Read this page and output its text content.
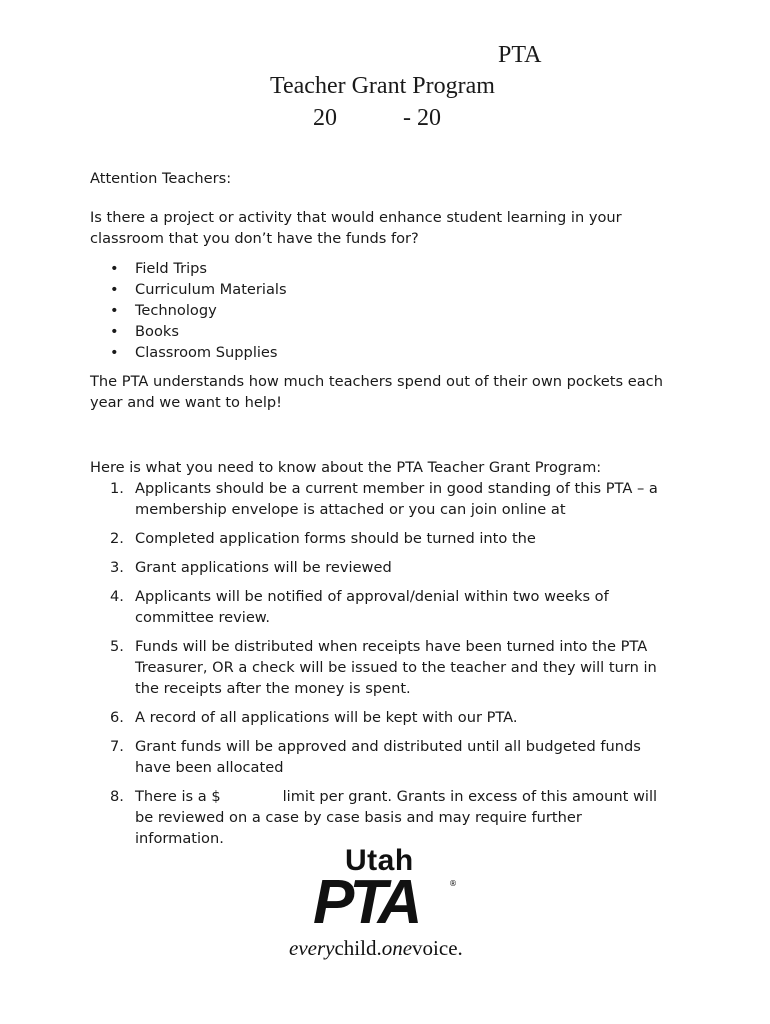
PTA
Teacher Grant Program
20	- 20
Attention Teachers:
Is there a project or activity that would enhance student learning in your classroom that you don’t have the funds for?
• Field Trips
• Curriculum Materials
• Technology
• Books
• Classroom Supplies
The PTA understands how much teachers spend out of their own pockets each year and we want to help!
Here is what you need to know about the PTA Teacher Grant Program:
1. Applicants should be a current member in good standing of this PTA – a membership envelope is attached or you can join online at
2. Completed application forms should be turned into the
3. Grant applications will be reviewed
4. Applicants will be notified of approval/denial within two weeks of committee review.
5. Funds will be distributed when receipts have been turned into the PTA Treasurer, OR a check will be issued to the teacher and they will turn in the receipts after the money is spent.
6. A record of all applications will be kept with our PTA.
7. Grant funds will be approved and distributed until all budgeted funds have been allocated
8. There is a $	limit per grant. Grants in excess of this amount will be reviewed on a case by case basis and may require further information.
Utah
PTA	®
everychild.onevoice.
